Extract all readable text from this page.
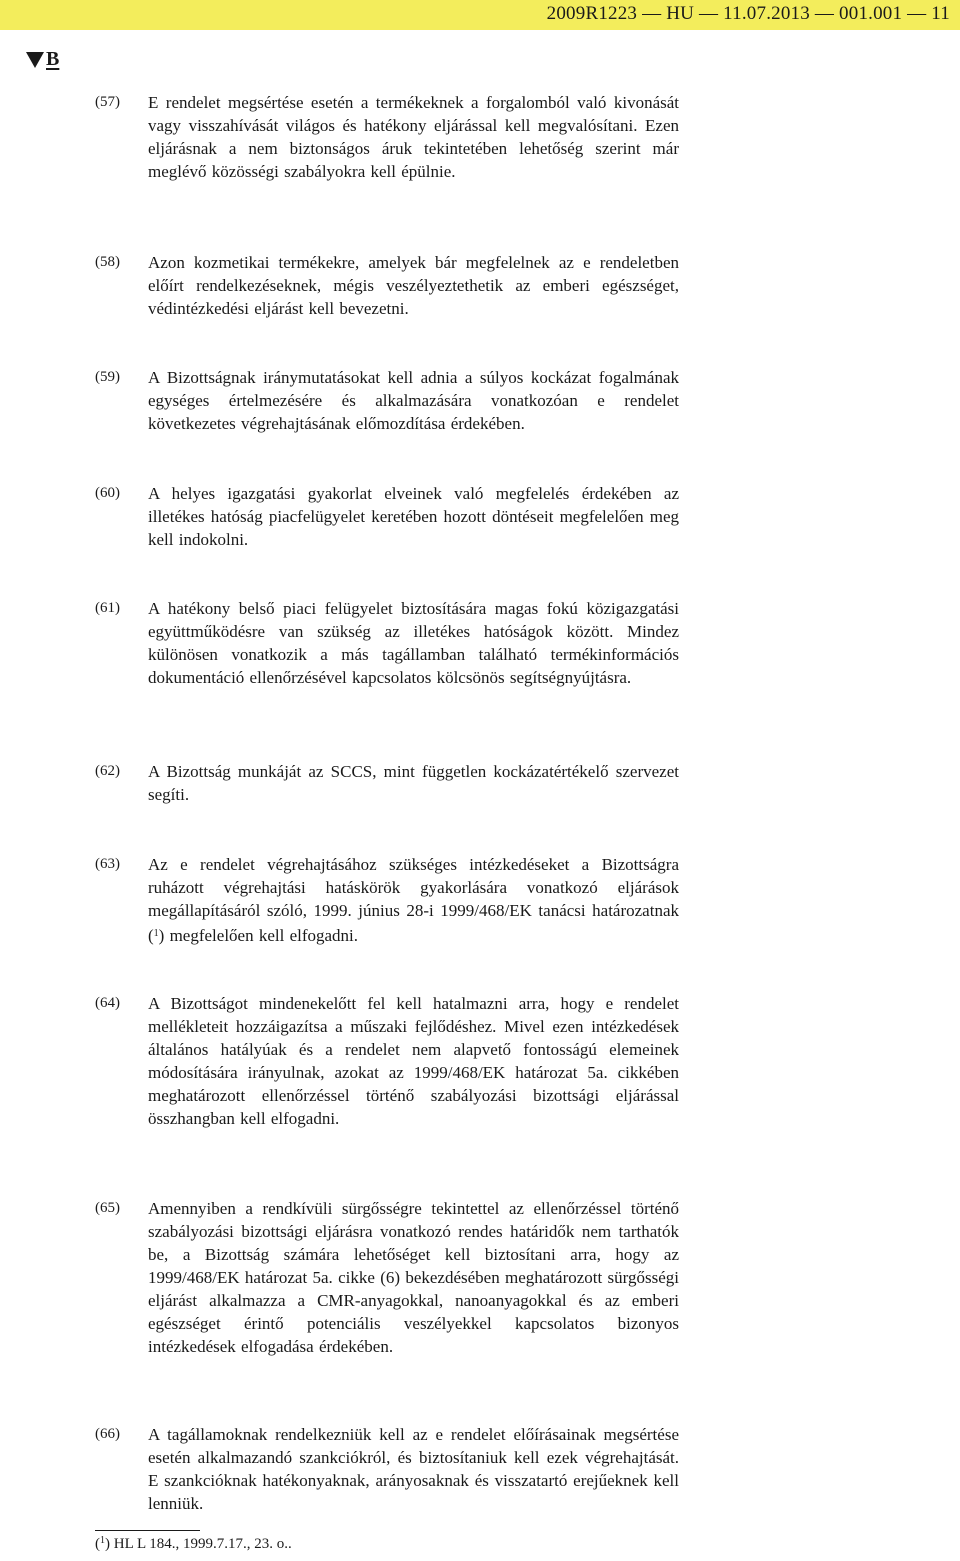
2009R1223 — HU — 11.07.2013 — 001.001 — 11
B
(57)	E rendelet megsértése esetén a termékeknek a forgalomból való kivonását vagy visszahívását világos és hatékony eljárással kell megvalósítani. Ezen eljárásnak a nem biztonságos áruk tekintetében lehetőség szerint már meglévő közösségi szabályokra kell épülnie.
(58)	Azon kozmetikai termékekre, amelyek bár megfelelnek az e rendeletben előírt rendelkezéseknek, mégis veszélyeztethetik az emberi egészséget, védintézkedési eljárást kell bevezetni.
(59)	A Bizottságnak iránymutatásokat kell adnia a súlyos kockázat fogalmának egységes értelmezésére és alkalmazására vonatkozóan e rendelet következetes végrehajtásának előmozdítása érdekében.
(60)	A helyes igazgatási gyakorlat elveinek való megfelelés érdekében az illetékes hatóság piacfelügyelet keretében hozott döntéseit megfelelően meg kell indokolni.
(61)	A hatékony belső piaci felügyelet biztosítására magas fokú közigazgatási együttműködésre van szükség az illetékes hatóságok között. Mindez különösen vonatkozik a más tagállamban található termékinformációs dokumentáció ellenőrzésével kapcsolatos kölcsönös segítségnyújtásra.
(62)	A Bizottság munkáját az SCCS, mint független kockázatértékelő szervezet segíti.
(63)	Az e rendelet végrehajtásához szükséges intézkedéseket a Bizottságra ruházott végrehajtási hatáskörök gyakorlására vonatkozó eljárások megállapításáról szóló, 1999. június 28-i 1999/468/EK tanácsi határozatnak ($^1$) megfelelően kell elfogadni.
(64)	A Bizottságot mindenekelőtt fel kell hatalmazni arra, hogy e rendelet mellékleteit hozzáigazítsa a műszaki fejlődéshez. Mivel ezen intézkedések általános hatályúak és a rendelet nem alapvető fontosságú elemeinek módosítására irányulnak, azokat az 1999/468/EK határozat 5a. cikkében meghatározott ellenőrzéssel történő szabályozási bizottsági eljárással összhangban kell elfogadni.
(65)	Amennyiben a rendkívüli sürgősségre tekintettel az ellenőrzéssel történő szabályozási bizottsági eljárásra vonatkozó rendes határidők nem tarthatók be, a Bizottság számára lehetőséget kell biztosítani arra, hogy az 1999/468/EK határozat 5a. cikke (6) bekezdésében meghatározott sürgősségi eljárást alkalmazza a CMR-anyagokkal, nanoanyagokkal és az emberi egészséget érintő potenciális veszélyekkel kapcsolatos bizonyos intézkedések elfogadása érdekében.
(66)	A tagállamoknak rendelkezniük kell az e rendelet előírásainak megsértése esetén alkalmazandó szankciókról, és biztosítaniuk kell ezek végrehajtását. E szankcióknak hatékonyaknak, arányosaknak és visszatartó erejűeknek kell lenniük.
($^1$) HL L 184., 1999.7.17., 23. o..
